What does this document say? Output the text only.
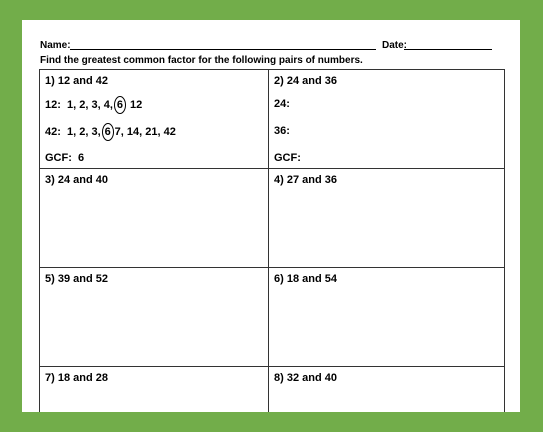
Name:	Date:
Find the greatest common factor for the following pairs of numbers.
1) 12 and 42
12: 1, 2, 3, 4, 6 12
42: 1, 2, 3, 6 7, 14, 21, 42
GCF: 6
2) 24 and 36
24:
36:
GCF:
3) 24 and 40	4) 27 and 36
5) 39 and 52	6) 18 and 54
7) 18 and 28	8) 32 and 40
